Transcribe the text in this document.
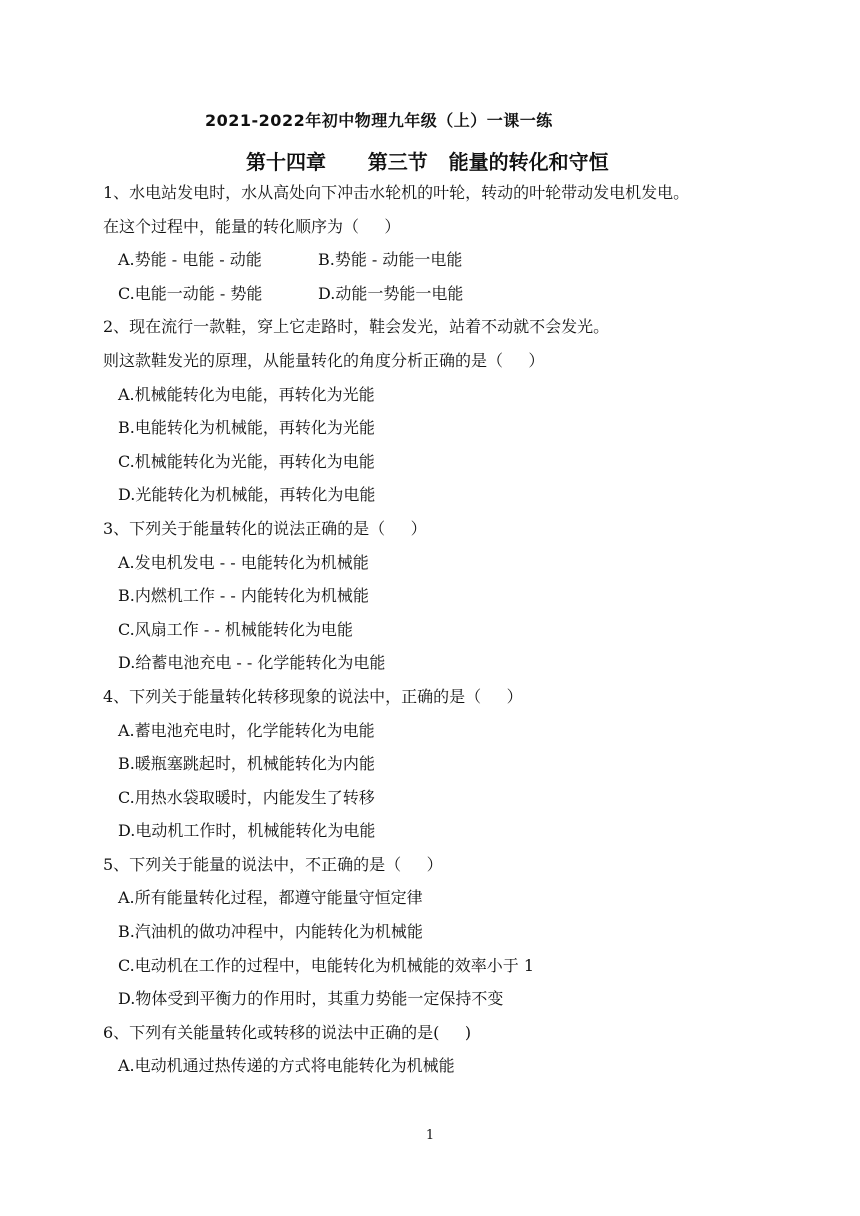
2021-2022年初中物理九年级（上）一课一练
第十四章      第三节   能量的转化和守恒
1、水电站发电时，水从高处向下冲击水轮机的叶轮，转动的叶轮带动发电机发电。
在这个过程中，能量的转化顺序为（     ）
A.势能 - 电能 - 动能	B.势能 - 动能一电能
C.电能一动能 - 势能	D.动能一势能一电能
2、现在流行一款鞋，穿上它走路时，鞋会发光，站着不动就不会发光。
则这款鞋发光的原理，从能量转化的角度分析正确的是（     ）
A.机械能转化为电能，再转化为光能
B.电能转化为机械能，再转化为光能
C.机械能转化为光能，再转化为电能
D.光能转化为机械能，再转化为电能
3、下列关于能量转化的说法正确的是（     ）
A.发电机发电 - - 电能转化为机械能
B.内燃机工作 - - 内能转化为机械能
C.风扇工作 - - 机械能转化为电能
D.给蓄电池充电 - - 化学能转化为电能
4、下列关于能量转化转移现象的说法中，正确的是（     ）
A.蓄电池充电时，化学能转化为电能
B.暖瓶塞跳起时，机械能转化为内能
C.用热水袋取暖时，内能发生了转移
D.电动机工作时，机械能转化为电能
5、下列关于能量的说法中，不正确的是（     ）
A.所有能量转化过程，都遵守能量守恒定律
B.汽油机的做功冲程中，内能转化为机械能
C.电动机在工作的过程中，电能转化为机械能的效率小于 1
D.物体受到平衡力的作用时，其重力势能一定保持不变
6、下列有关能量转化或转移的说法中正确的是(     )
A.电动机通过热传递的方式将电能转化为机械能
1
